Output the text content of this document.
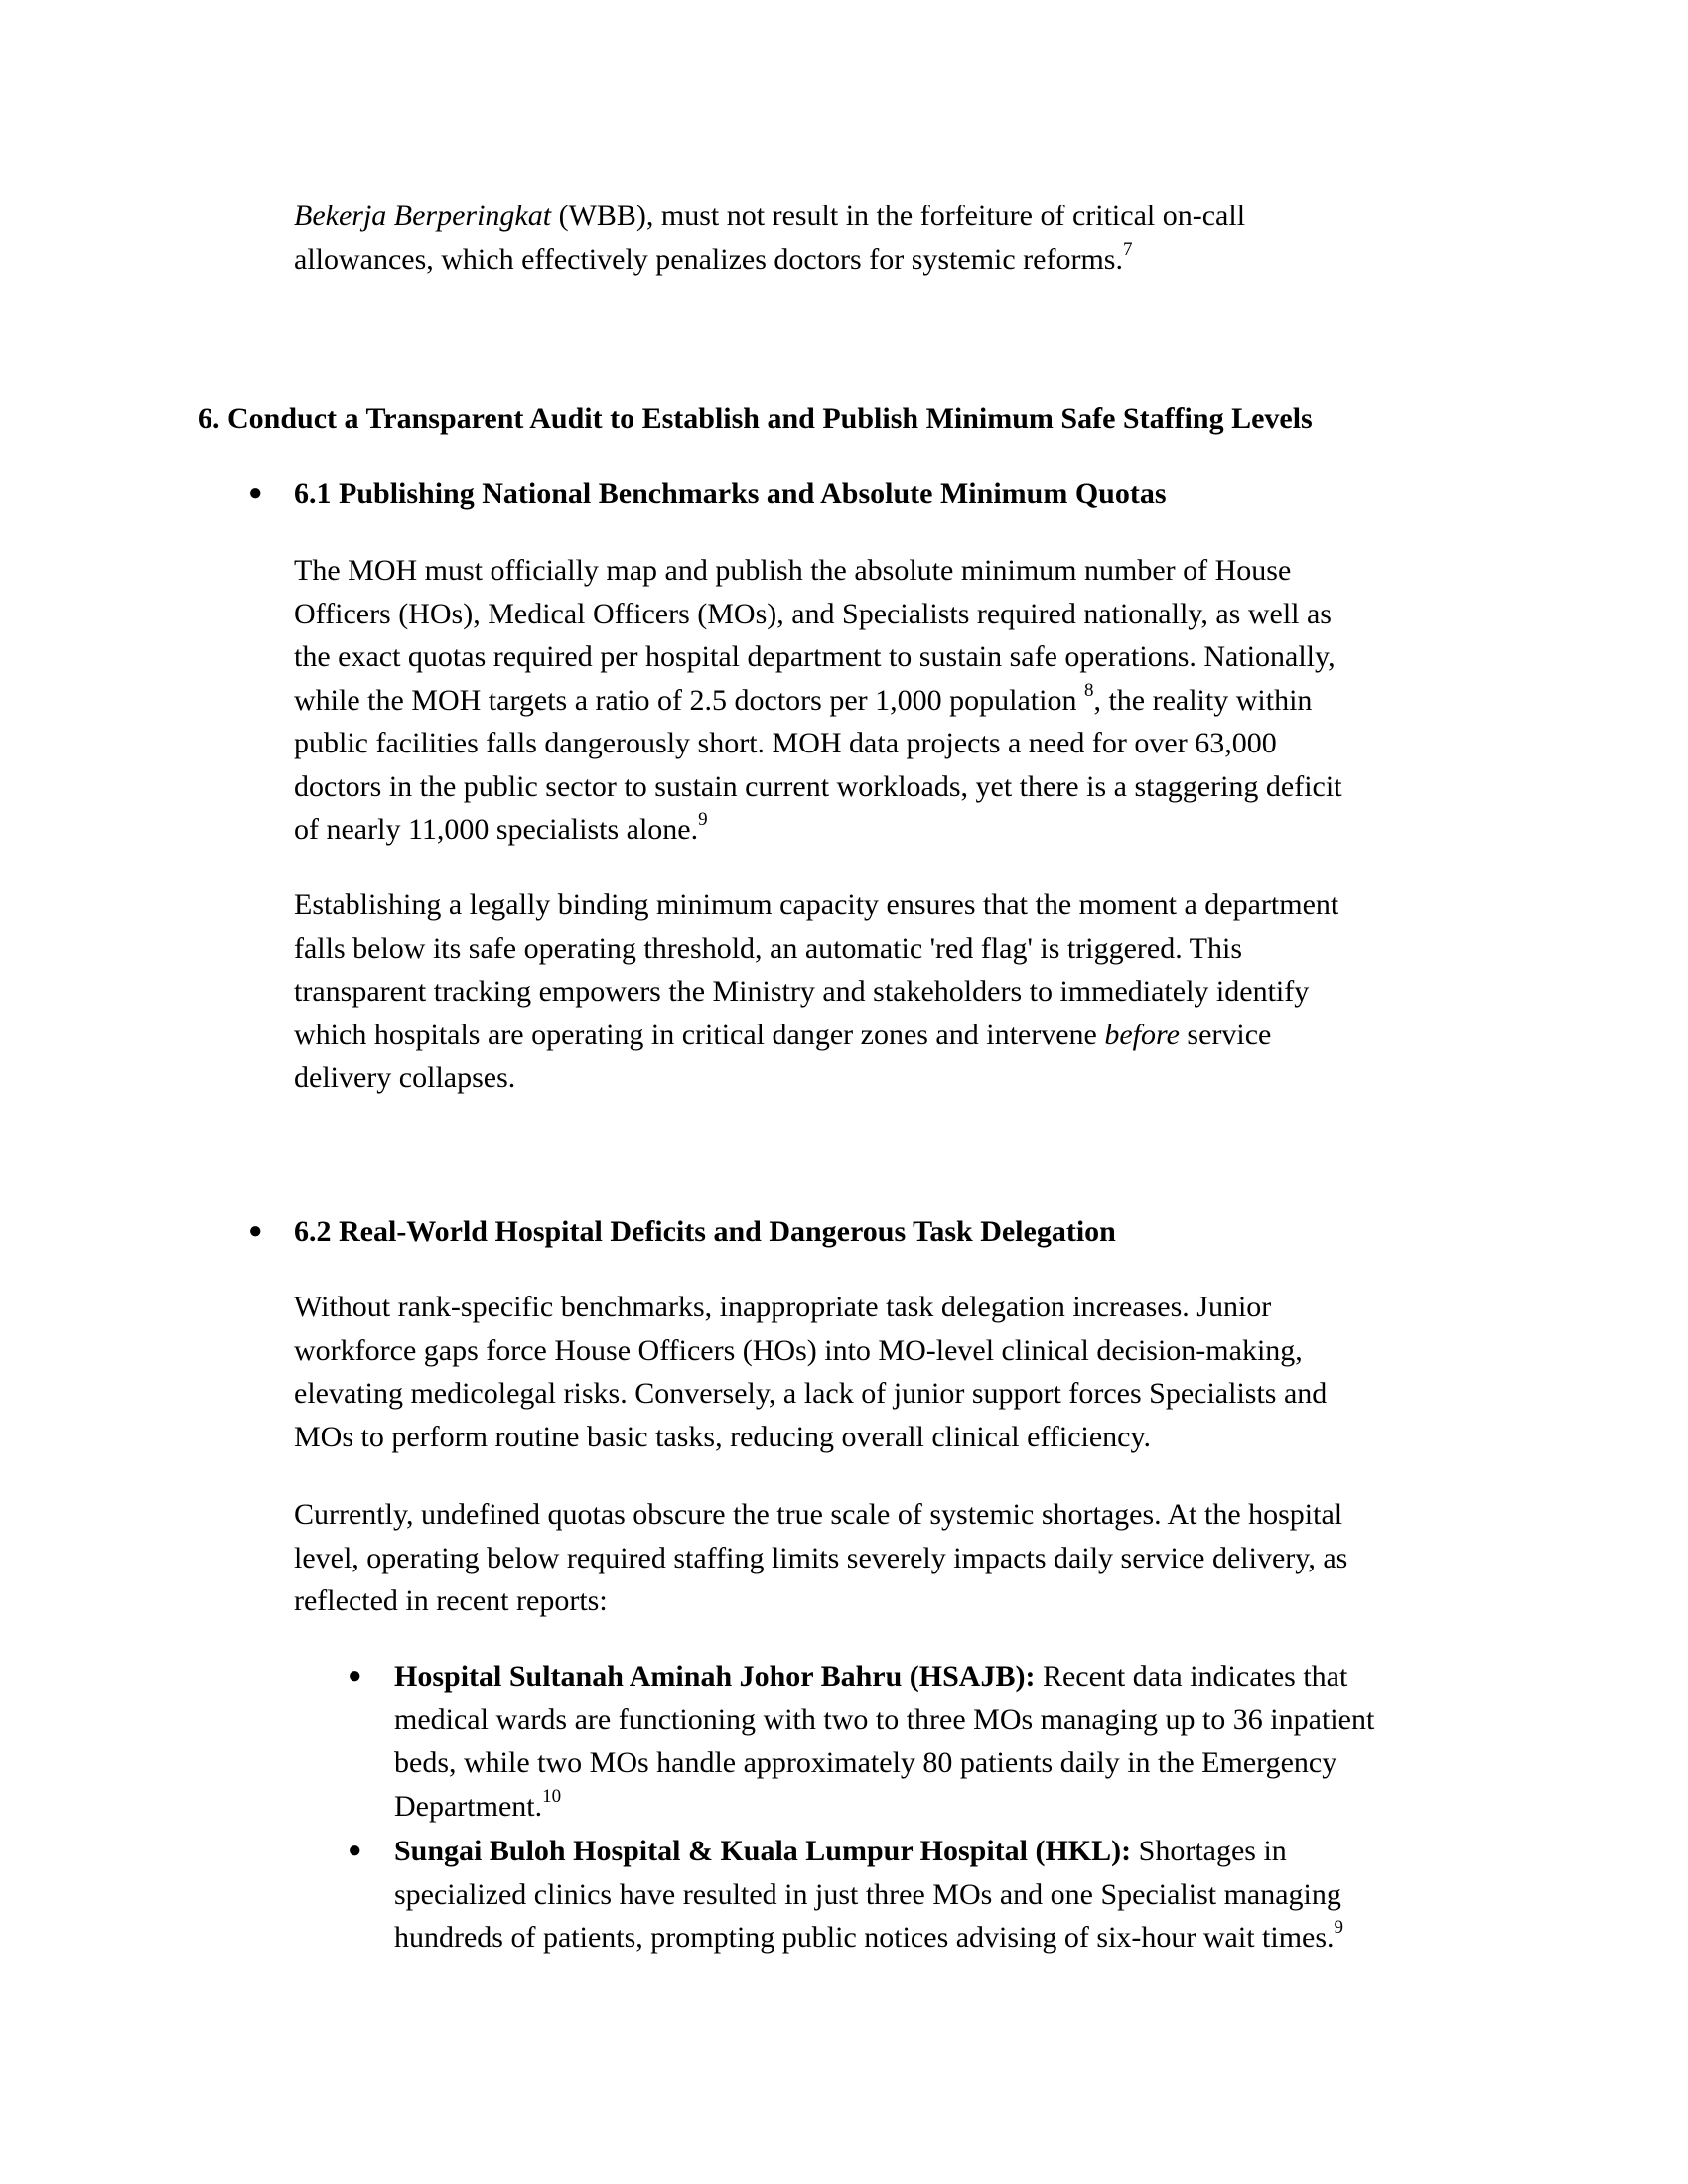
Bekerja Berperingkat (WBB), must not result in the forfeiture of critical on-call
allowances, which effectively penalizes doctors for systemic reforms.$^7$
6. Conduct a Transparent Audit to Establish and Publish Minimum Safe Staffing Levels
● 6.1 Publishing National Benchmarks and Absolute Minimum Quotas
The MOH must officially map and publish the absolute minimum number of House
Officers (HOs), Medical Officers (MOs), and Specialists required nationally, as well as
the exact quotas required per hospital department to sustain safe operations. Nationally,
while the MOH targets a ratio of 2.5 doctors per 1,000 population $^8$, the reality within
public facilities falls dangerously short. MOH data projects a need for over 63,000
doctors in the public sector to sustain current workloads, yet there is a staggering deficit
of nearly 11,000 specialists alone.$^9$
Establishing a legally binding minimum capacity ensures that the moment a department
falls below its safe operating threshold, an automatic 'red flag' is triggered. This
transparent tracking empowers the Ministry and stakeholders to immediately identify
which hospitals are operating in critical danger zones and intervene before service
delivery collapses.
● 6.2 Real-World Hospital Deficits and Dangerous Task Delegation
Without rank-specific benchmarks, inappropriate task delegation increases. Junior
workforce gaps force House Officers (HOs) into MO-level clinical decision-making,
elevating medicolegal risks. Conversely, a lack of junior support forces Specialists and
MOs to perform routine basic tasks, reducing overall clinical efficiency.
Currently, undefined quotas obscure the true scale of systemic shortages. At the hospital
level, operating below required staffing limits severely impacts daily service delivery, as
reflected in recent reports:
● Hospital Sultanah Aminah Johor Bahru (HSAJB): Recent data indicates that
medical wards are functioning with two to three MOs managing up to 36 inpatient
beds, while two MOs handle approximately 80 patients daily in the Emergency
Department.$^{10}$
● Sungai Buloh Hospital & Kuala Lumpur Hospital (HKL): Shortages in
specialized clinics have resulted in just three MOs and one Specialist managing
hundreds of patients, prompting public notices advising of six-hour wait times.$^9$
